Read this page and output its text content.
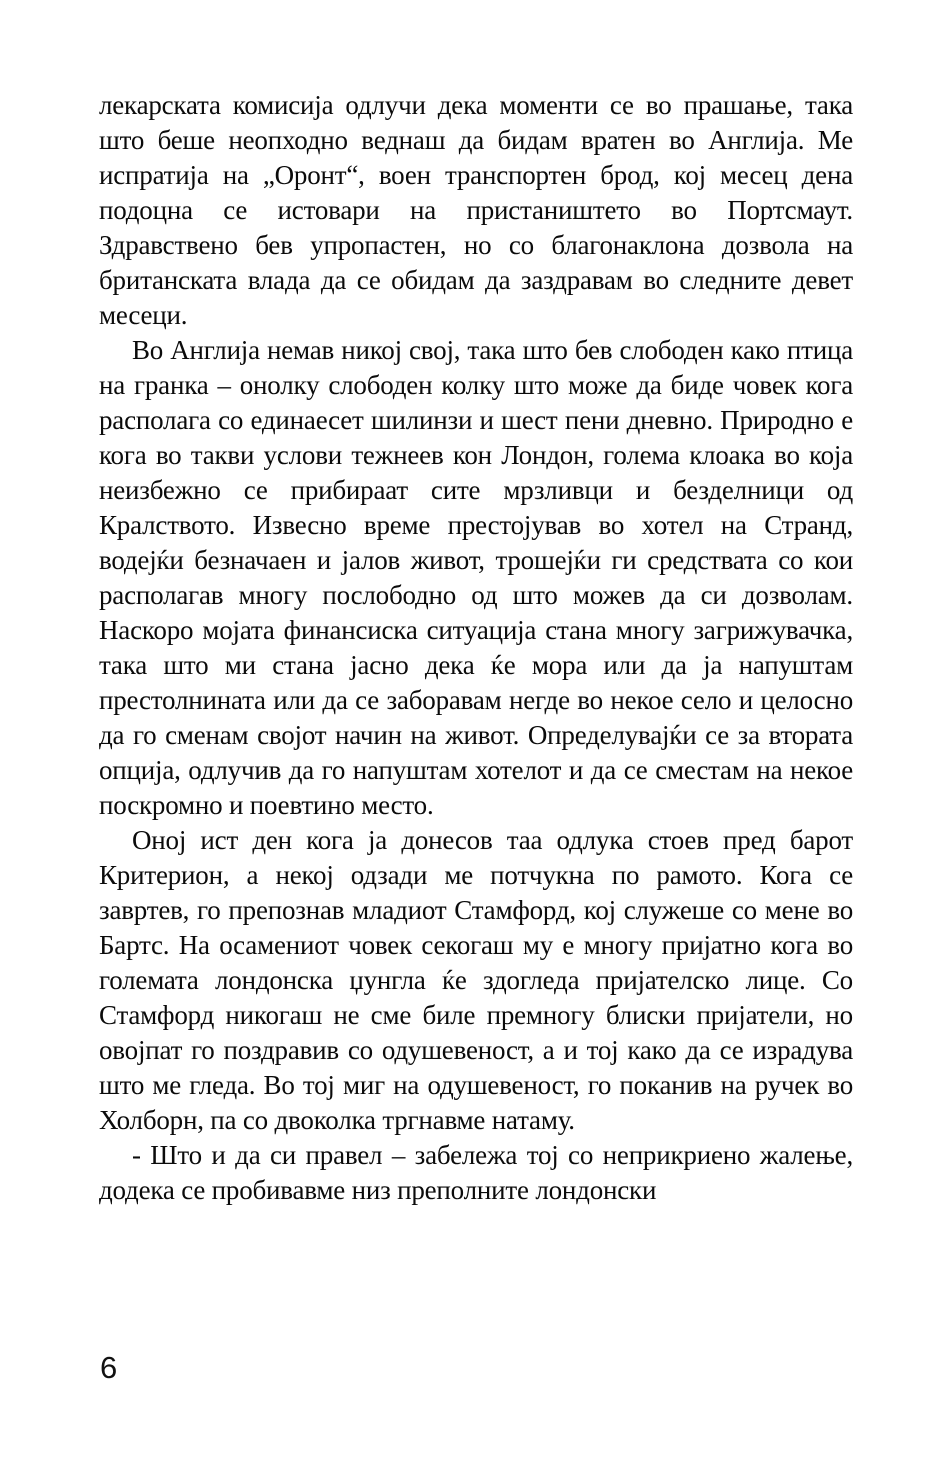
лекарската комисија одлучи дека моменти се во прашање, така што беше неопходно веднаш да бидам вратен во Англија. Ме испратија на „Оронт“, воен транспортен брод, кој месец дена подоцна се истовари на пристаништето во Портсмаут. Здравствено бев упропастен, но со благонаклона дозвола на британската влада да се обидам да заздравам во следните девет месеци.

Во Англија немав никој свој, така што бев слободен како птица на гранка – онолку слободен колку што може да биде човек кога располага со единаесет шилинзи и шест пени дневно. Природно е кога во такви услови тежнеев кон Лондон, голема клоака во која неизбежно се прибираат сите мрзливци и безделници од Кралството. Извесно време престојував во хотел на Странд, водејќи безначаен и јалов живот, трошејќи ги средствата со кои располагав многу послободно од што можев да си дозволам. Наскоро мојата финансиска ситуација стана многу загрижувачка, така што ми стана јасно дека ќе мора или да ја напуштам престолнината или да се заборавам негде во некое село и целосно да го сменам својот начин на живот. Определувајќи се за втората опција, одлучив да го напуштам хотелот и да се сместам на некое поскромно и поевтино место.

Оној ист ден кога ја донесов таа одлука стоев пред барот Критерион, а некој одзади ме потчукна по рамото. Кога се завртев, го препознав младиот Стамфорд, кој служеше со мене во Бартс. На осамениот човек секогаш му е многу пријатно кога во големата лондонска џунгла ќе здогледа пријателско лице. Со Стамфорд никогаш не сме биле премногу блиски пријатели, но овојпат го поздравив со одушевеност, а и тој како да се израдува што ме гледа. Во тој миг на одушевеност, го поканив на ручек во Холборн, па со двоколка тргнавме натаму.

- Што и да си правел – забележа тој со неприкриено жалење, додека се пробивавме низ преполните лондонски

6
